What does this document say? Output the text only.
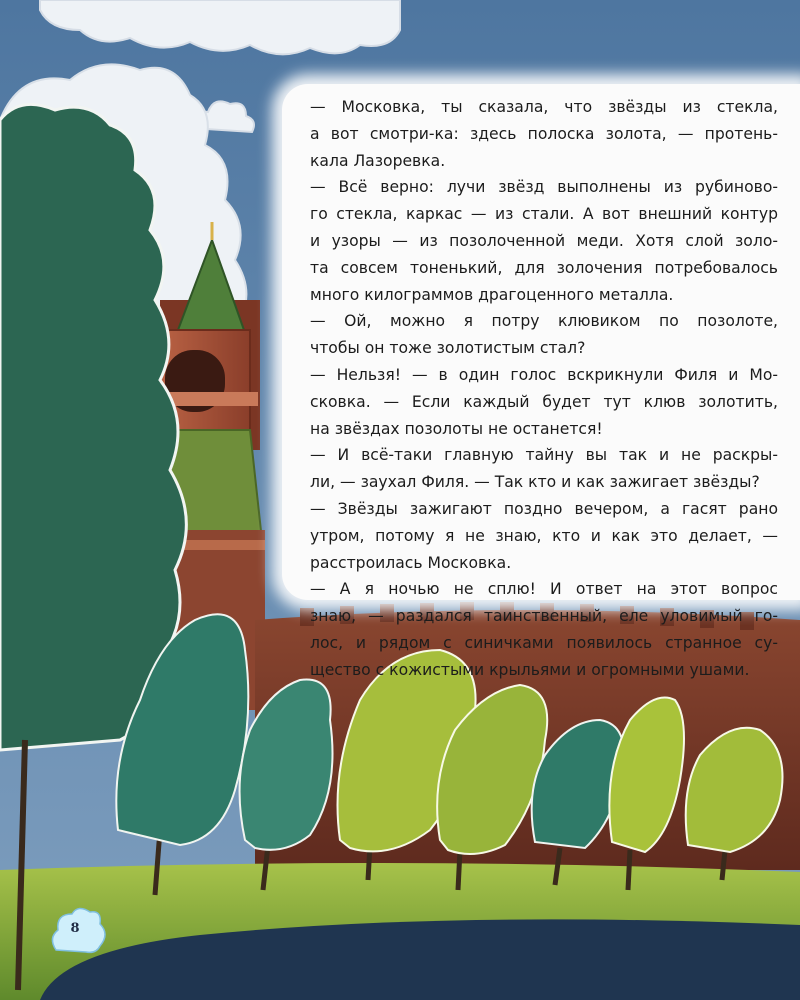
— Московка, ты сказала, что звёзды из стекла,
а вот смотри-ка: здесь полоска золота, — протень-
кала Лазоревка.

— Всё верно: лучи звёзд выполнены из рубиново-
го стекла, каркас — из стали. А вот внешний контур
и узоры — из позолоченной меди. Хотя слой золо-
та совсем тоненький, для золочения потребовалось
много килограммов драгоценного металла.

— Ой, можно я потру клювиком по позолоте,
чтобы он тоже золотистым стал?

— Нельзя! — в один голос вскрикнули Филя и Мо-
сковка. — Если каждый будет тут клюв золотить,
на звёздах позолоты не останется!

— И всё-таки главную тайну вы так и не раскры-
ли, — заухал Филя. — Так кто и как зажигает звёзды?

— Звёзды зажигают поздно вечером, а гасят рано
утром, потому я не знаю, кто и как это делает, —
расстроилась Московка.

— А я ночью не сплю! И ответ на этот вопрос
знаю, — раздался таинственный, еле уловимый го-
лос, и рядом с синичками появилось странное су-
щество с кожистыми крыльями и огромными ушами.

8
